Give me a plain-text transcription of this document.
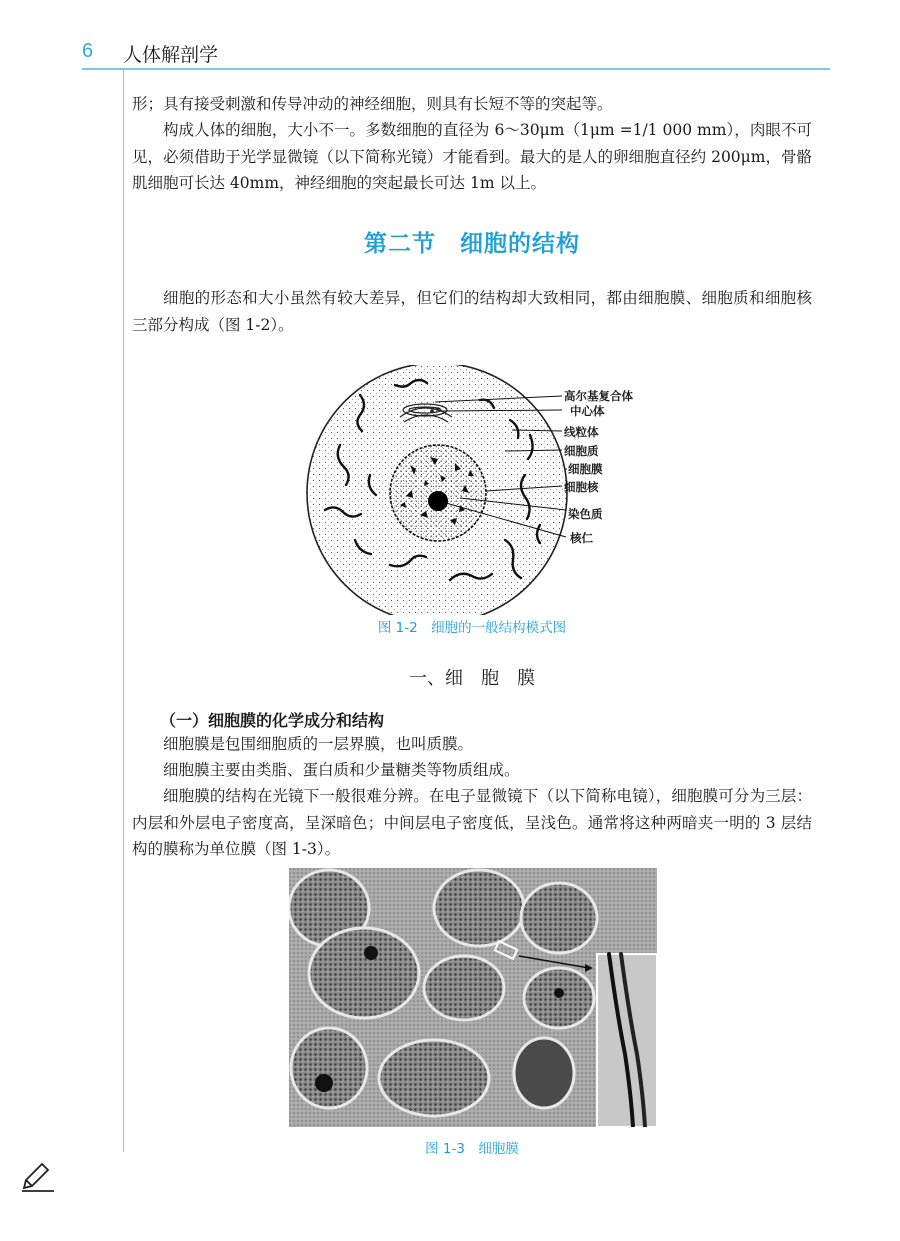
6 人体解剖学

形；具有接受刺激和传导冲动的神经细胞，则具有长短不等的突起等。

构成人体的细胞，大小不一。多数细胞的直径为 6～30μm（1μm =1/1 000 mm），肉眼不可见，必须借助于光学显微镜（以下简称光镜）才能看到。最大的是人的卵细胞直径约 200μm，骨骼肌细胞可长达 40mm，神经细胞的突起最长可达 1m 以上。

第二节　细胞的结构

细胞的形态和大小虽然有较大差异，但它们的结构却大致相同，都由细胞膜、细胞质和细胞核三部分构成（图 1-2）。

高尔基复合体
中心体
线粒体
细胞质
细胞膜
细胞核
染色质
核仁
图 1-2　细胞的一般结构模式图
一、细　胞　膜
（一）细胞膜的化学成分和结构

细胞膜是包围细胞质的一层界膜，也叫质膜。

细胞膜主要由类脂、蛋白质和少量糖类等物质组成。

细胞膜的结构在光镜下一般很难分辨。在电子显微镜下（以下简称电镜），细胞膜可分为三层：内层和外层电子密度高，呈深暗色；中间层电子密度低，呈浅色。通常将这种两暗夹一明的 3 层结构的膜称为单位膜（图 1-3）。

图 1-3　细胞膜
